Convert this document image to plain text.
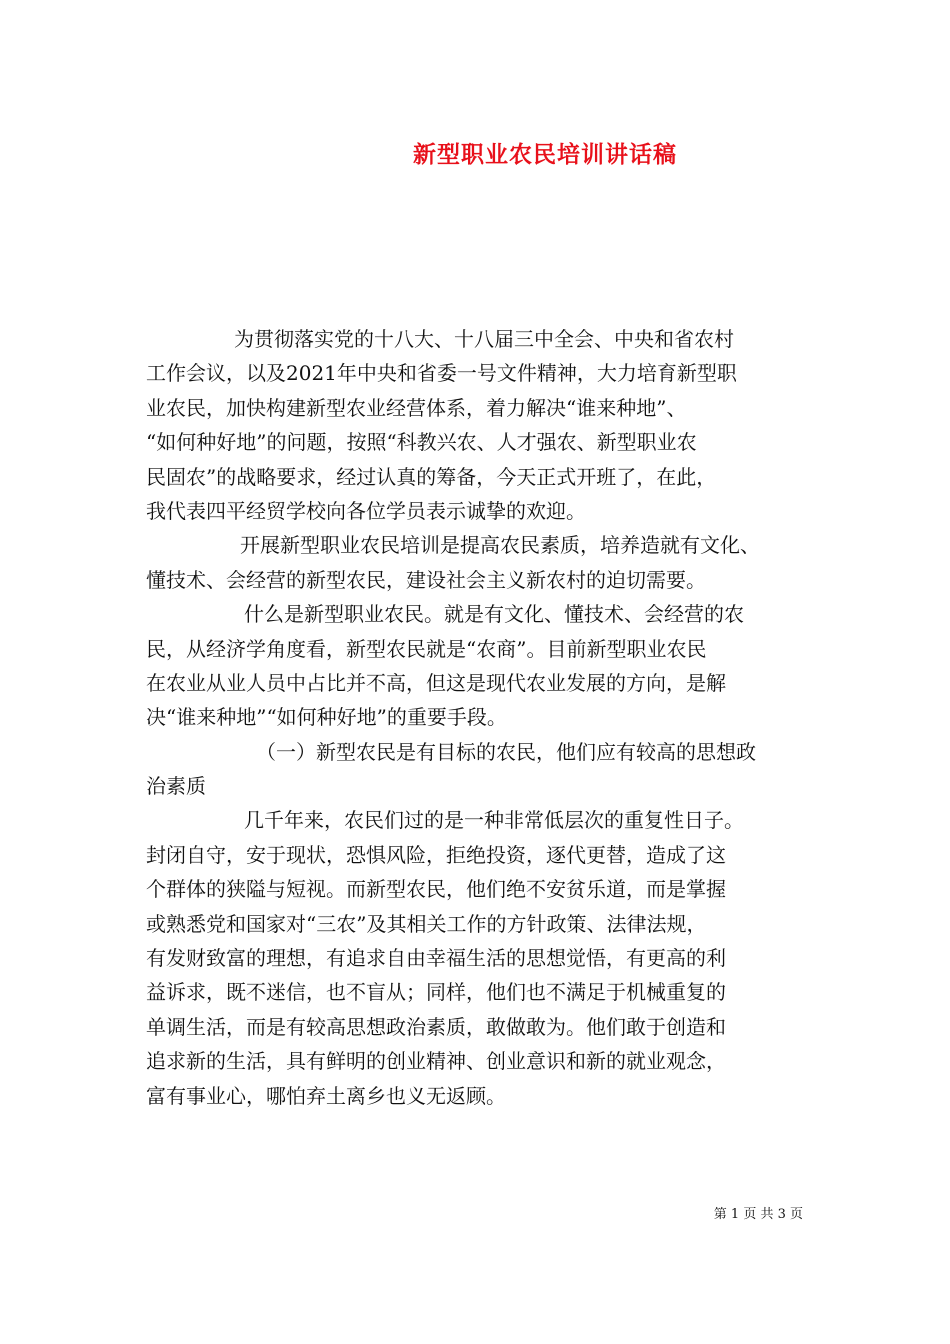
新型职业农民培训讲话稿
为贯彻落实党的十八大、十八届三中全会、中央和省农村
工作会议，以及2021年中央和省委一号文件精神，大力培育新型职
业农民，加快构建新型农业经营体系，着力解决“谁来种地”、
“如何种好地”的问题，按照“科教兴农、人才强农、新型职业农
民固农”的战略要求，经过认真的筹备，今天正式开班了，在此，
我代表四平经贸学校向各位学员表示诚挚的欢迎。
开展新型职业农民培训是提高农民素质，培养造就有文化、
懂技术、会经营的新型农民，建设社会主义新农村的迫切需要。
什么是新型职业农民。就是有文化、懂技术、会经营的农
民，从经济学角度看，新型农民就是“农商”。目前新型职业农民
在农业从业人员中占比并不高，但这是现代农业发展的方向，是解
决“谁来种地”“如何种好地”的重要手段。
（一）新型农民是有目标的农民，他们应有较高的思想政
治素质
几千年来，农民们过的是一种非常低层次的重复性日子。
封闭自守，安于现状，恐惧风险，拒绝投资，逐代更替，造成了这
个群体的狭隘与短视。而新型农民，他们绝不安贫乐道，而是掌握
或熟悉党和国家对“三农”及其相关工作的方针政策、法律法规，
有发财致富的理想，有追求自由幸福生活的思想觉悟，有更高的利
益诉求，既不迷信，也不盲从；同样，他们也不满足于机械重复的
单调生活，而是有较高思想政治素质，敢做敢为。他们敢于创造和
追求新的生活，具有鲜明的创业精神、创业意识和新的就业观念，
富有事业心，哪怕弃土离乡也义无返顾。
第 1 页 共 3 页
